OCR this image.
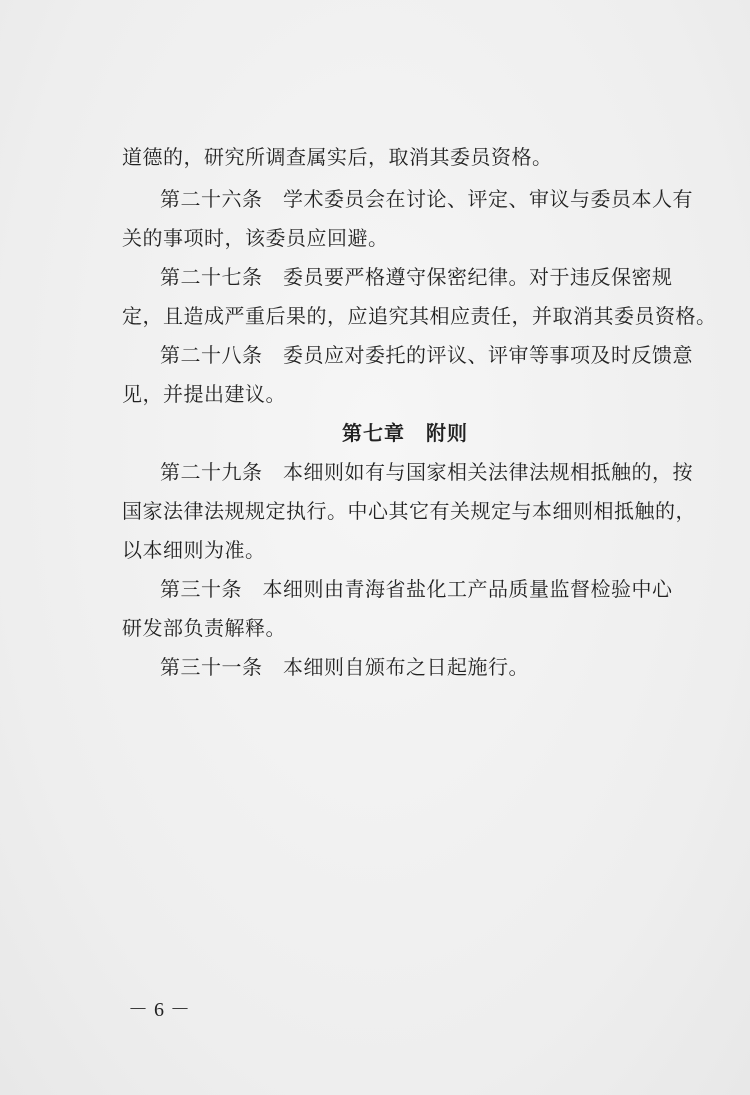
道德的，研究所调查属实后，取消其委员资格。
第二十六条　学术委员会在讨论、评定、审议与委员本人有
关的事项时，该委员应回避。
第二十七条　委员要严格遵守保密纪律。对于违反保密规
定，且造成严重后果的，应追究其相应责任，并取消其委员资格。
第二十八条　委员应对委托的评议、评审等事项及时反馈意
见，并提出建议。
第七章　附则
第二十九条　本细则如有与国家相关法律法规相抵触的，按
国家法律法规规定执行。中心其它有关规定与本细则相抵触的，
以本细则为准。
第三十条　本细则由青海省盐化工产品质量监督检验中心
研发部负责解释。
第三十一条　本细则自颁布之日起施行。
－6－
